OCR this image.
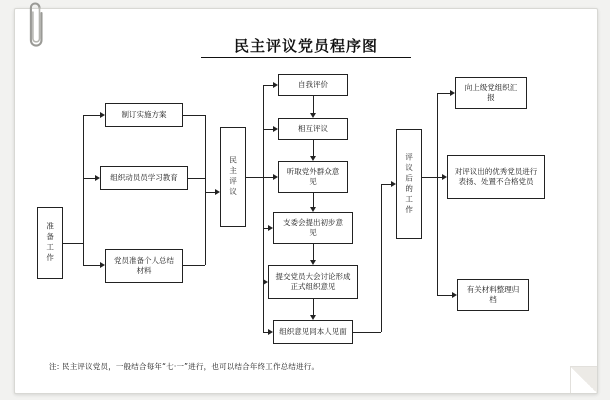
民主评议党员程序图
准备工作
制订实施方案
组织动员员学习教育
党员准备个人总结材料
民主评议
自我评价
相互评议
听取党外群众意见
支委会提出初步意见
提交党员大会讨论形成正式组织意见
组织意见同本人见面
评议后的工作
向上级党组织汇报
对评议出的优秀党员进行表扬、处置不合格党员
有关材料整理归档
注: 民主评议党员，一般结合每年“七·一”进行，也可以结合年终工作总结进行。
